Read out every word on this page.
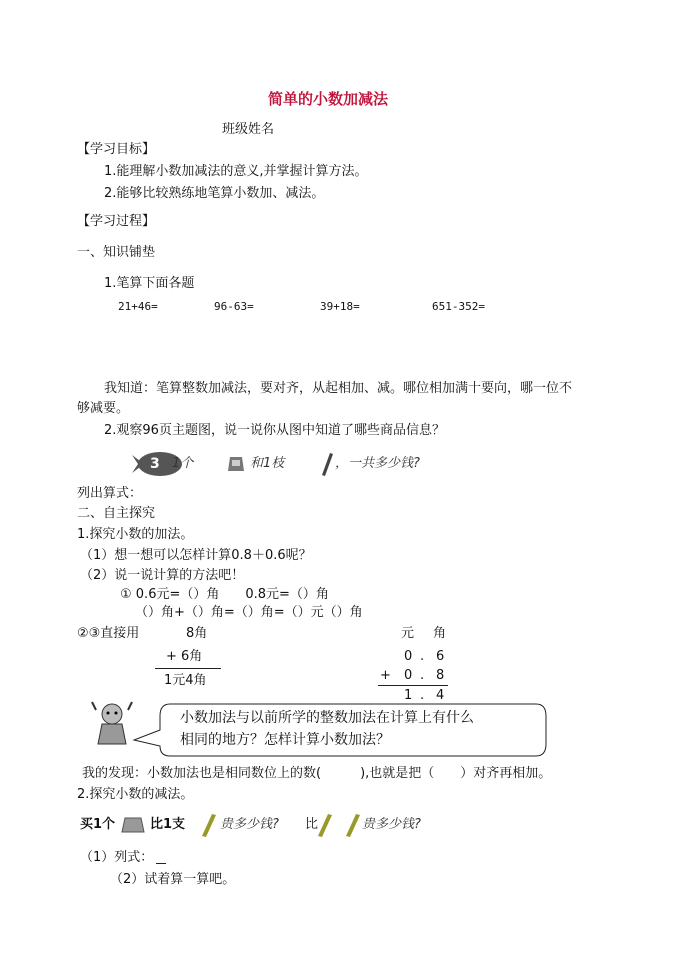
简单的小数加减法
班级姓名
【学习目标】
1.能理解小数加减法的意义,并掌握计算方法。
2.能够比较熟练地笔算小数加、减法。
【学习过程】
一、知识铺垫
1.笔算下面各题
21+46=	96-63=	39+18=	651-352=
我知道：笔算整数加减法，要对齐，从起相加、减。哪位相加满十要向，哪一位不
够减要。
2.观察96页主题图，说一说你从图中知道了哪些商品信息？
3 1个	和1枝	，一共多少钱?
列出算式：
二、自主探究
1.探究小数的加法。
（1）想一想可以怎样计算0.8＋0.6呢？
（2）说一说计算的方法吧！
① 0.6元=（）角　　0.8元=（）角
（）角+（）角=（）角=（）元（）角
②③直接用	8角
+ 6角
1元4角
元 角
0 . 6
+ 0 . 8
1 . 4
小数加法与以前所学的整数加法在计算上有什么
相同的地方？怎样计算小数加法？
我的发现：小数加法也是相同数位上的数(　　　),也就是把（　　）对齐再相加。
2.探究小数的减法。
买1个	比1支	贵多少钱? 比	贵多少钱?
（1）列式：
（2）试着算一算吧。
